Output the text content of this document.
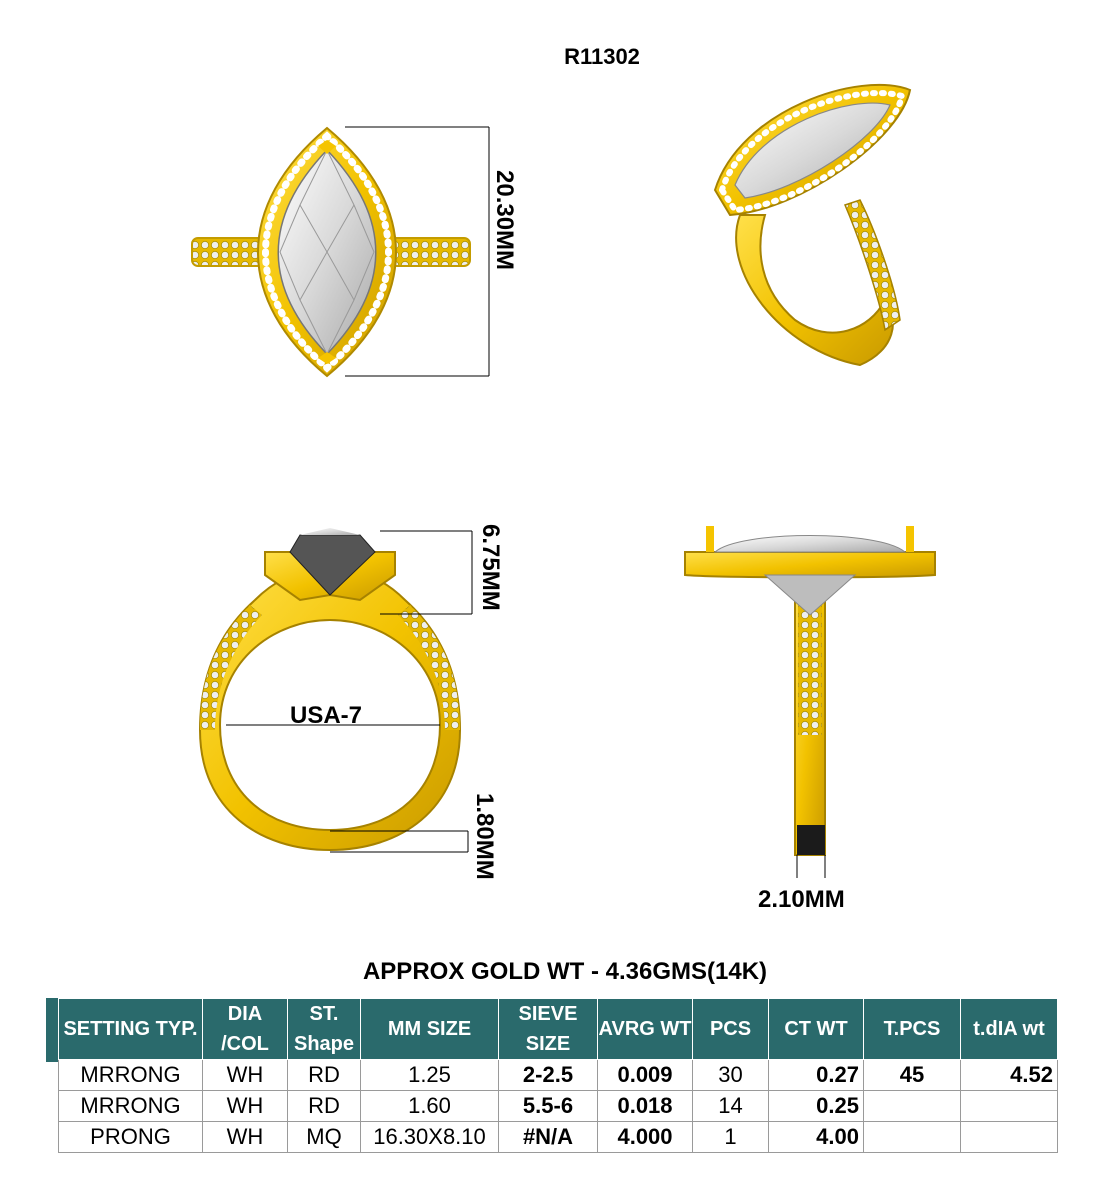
R11302
20.30MM
6.75MM
USA-7
1.80MM
2.10MM
APPROX GOLD WT - 4.36GMS(14K)
SETTING TYP.	DIA /COL	ST. Shape	MM SIZE	SIEVE SIZE	AVRG WT	PCS	CT WT	T.PCS	t.dIA wt
MRRONG	WH	RD	1.25	2-2.5	0.009	30	0.27	45	4.52
MRRONG	WH	RD	1.60	5.5-6	0.018	14	0.25		
PRONG	WH	MQ	16.30X8.10	#N/A	4.000	1	4.00		
